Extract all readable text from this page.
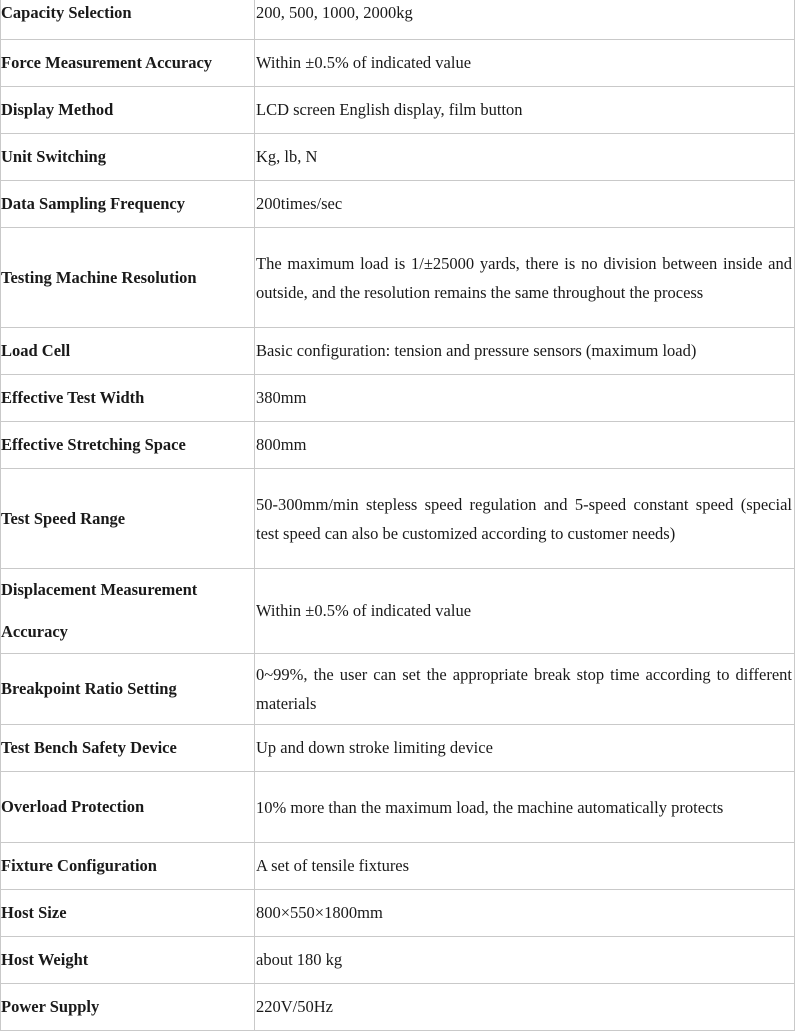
Capacity Selection	200, 500, 1000, 2000kg
Force Measurement Accuracy	Within ±0.5% of indicated value
Display Method	LCD screen English display, film button
Unit Switching	Kg, lb, N
Data Sampling Frequency	200times/sec
Testing Machine Resolution	The maximum load is 1/±25000 yards, there is no division between inside and outside, and the resolution remains the same throughout the process
Load Cell	Basic configuration: tension and pressure sensors (maximum load)
Effective Test Width	380mm
Effective Stretching Space	800mm
Test Speed Range	50-300mm/min stepless speed regulation and 5-speed constant speed (special test speed can also be customized according to customer needs)
Displacement Measurement Accuracy	Within ±0.5% of indicated value
Breakpoint Ratio Setting	0~99%, the user can set the appropriate break stop time according to different materials
Test Bench Safety Device	Up and down stroke limiting device
Overload Protection	10% more than the maximum load, the machine automatically protects
Fixture Configuration	A set of tensile fixtures
Host Size	800×550×1800mm
Host Weight	about 180 kg
Power Supply	220V/50Hz
